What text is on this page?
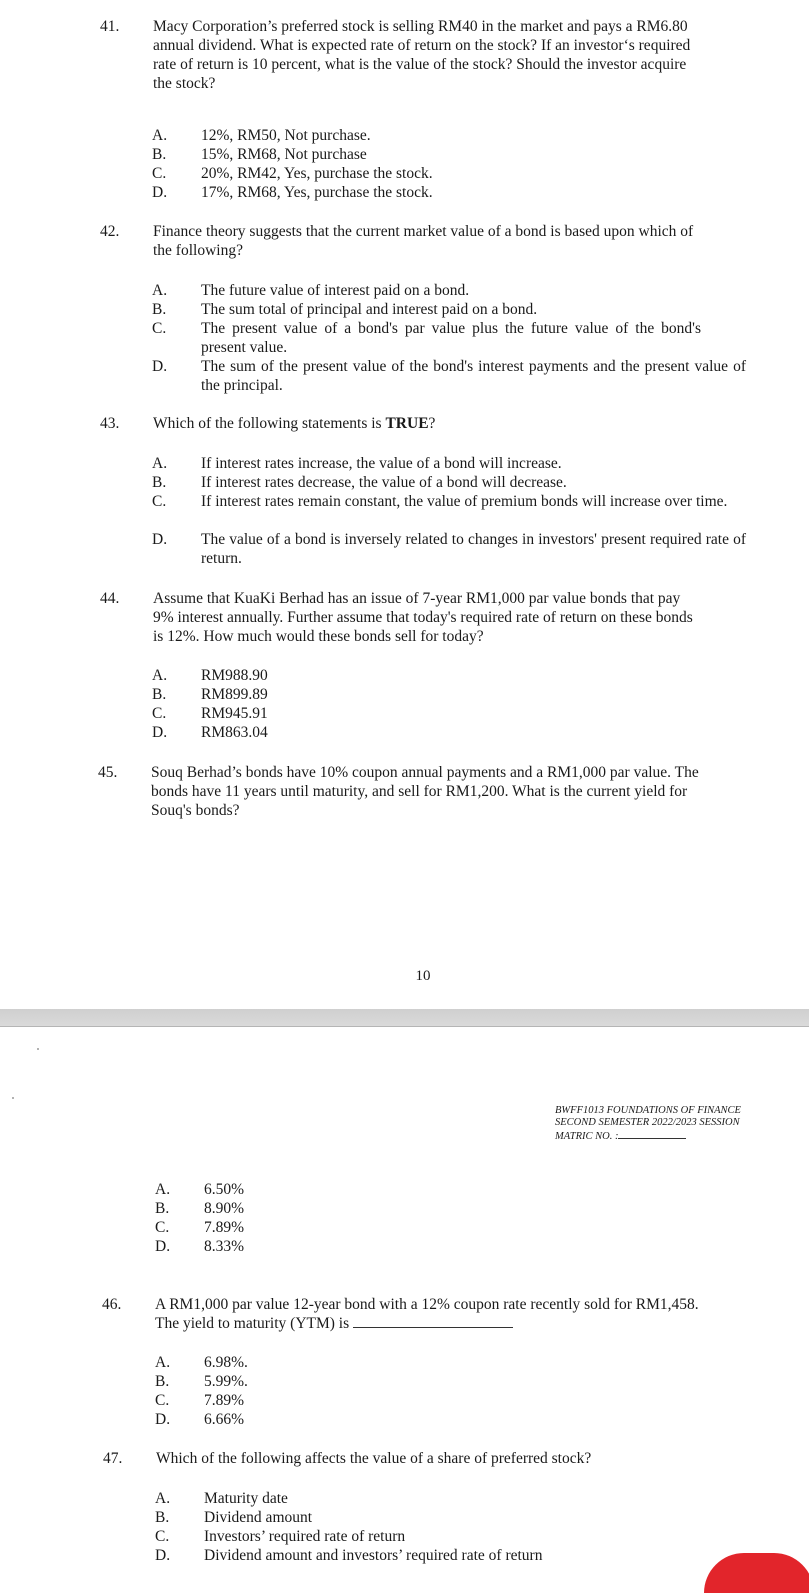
41. Macy Corporation’s preferred stock is selling RM40 in the market and pays a RM6.80
annual dividend. What is expected rate of return on the stock? If an investor‘s required
rate of return is 10 percent, what is the value of the stock? Should the investor acquire
the stock?
A. 12%, RM50, Not purchase.
B. 15%, RM68, Not purchase
C. 20%, RM42, Yes, purchase the stock.
D. 17%, RM68, Yes, purchase the stock.
42. Finance theory suggests that the current market value of a bond is based upon which of
the following?
A. The future value of interest paid on a bond.
B. The sum total of principal and interest paid on a bond.
C. The present value of a bond's par value plus the future value of the bond's present value.
D. The sum of the present value of the bond's interest payments and the present value of the principal.
43. Which of the following statements is TRUE?
A. If interest rates increase, the value of a bond will increase.
B. If interest rates decrease, the value of a bond will decrease.
C. If interest rates remain constant, the value of premium bonds will increase over time.
D. The value of a bond is inversely related to changes in investors' present required rate of return.
44. Assume that KuaKi Berhad has an issue of 7-year RM1,000 par value bonds that pay
9% interest annually. Further assume that today's required rate of return on these bonds
is 12%. How much would these bonds sell for today?
A. RM988.90
B. RM899.89
C. RM945.91
D. RM863.04
45. Souq Berhad’s bonds have 10% coupon annual payments and a RM1,000 par value. The
bonds have 11 years until maturity, and sell for RM1,200. What is the current yield for
Souq's bonds?
10
BWFF1013 FOUNDATIONS OF FINANCE
SECOND SEMESTER 2022/2023 SESSION
MATRIC NO. :
A. 6.50%
B. 8.90%
C. 7.89%
D. 8.33%
46. A RM1,000 par value 12-year bond with a 12% coupon rate recently sold for RM1,458.
The yield to maturity (YTM) is
A. 6.98%.
B. 5.99%.
C. 7.89%
D. 6.66%
47. Which of the following affects the value of a share of preferred stock?
A. Maturity date
B. Dividend amount
C. Investors’ required rate of return
D. Dividend amount and investors’ required rate of return
